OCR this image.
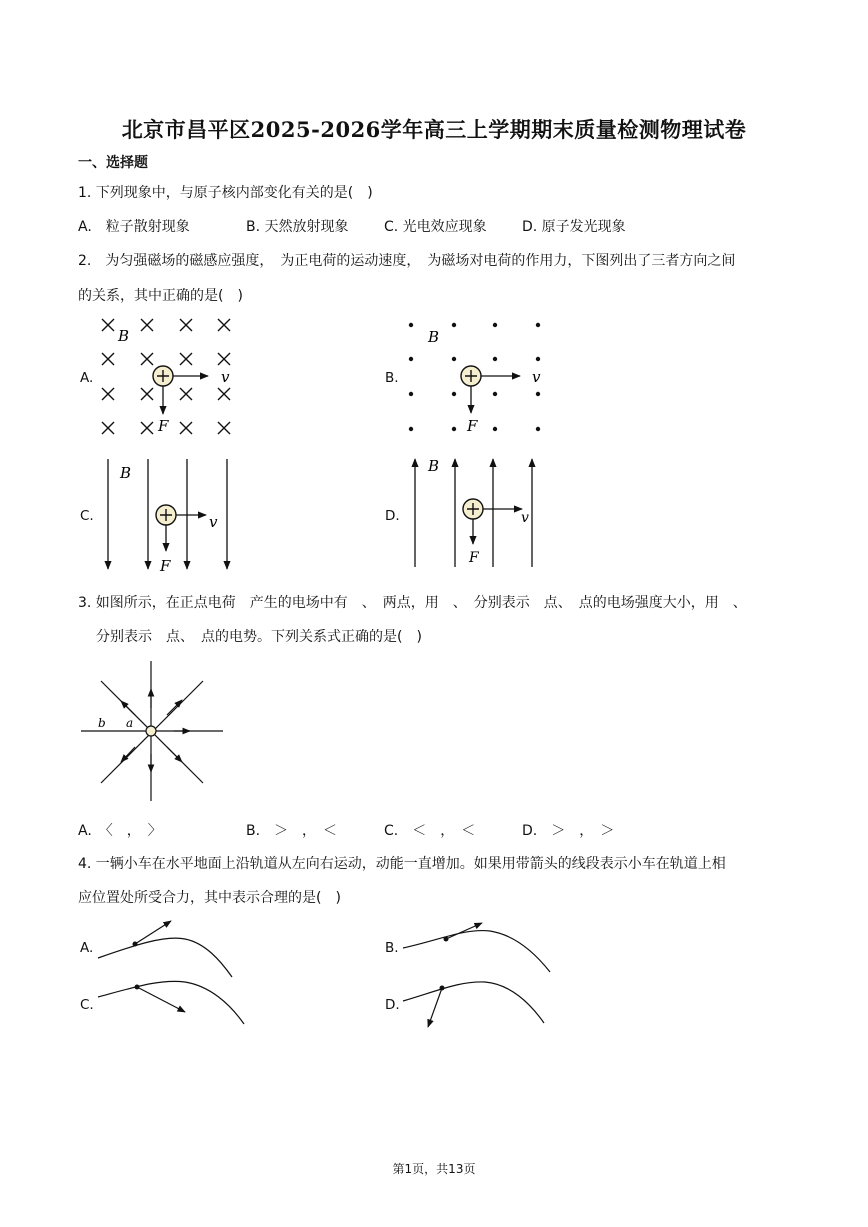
北京市昌平区2025-2026学年高三上学期期末质量检测物理试卷
一、选择题
1. 下列现象中，与原子核内部变化有关的是(　)
A.　粒子散射现象	B. 天然放射现象	C. 光电效应现象	D. 原子发光现象
2.　为匀强磁场的磁感应强度，　为正电荷的运动速度，　为磁场对电荷的作用力，下图列出了三者方向之间
的关系，其中正确的是(　)
A.	B.
C.	D.
B
v
F
B
v
F
B
v
F
B
v
F
3. 如图所示，在正点电荷　产生的电场中有　、　两点，用　、　分别表示　点、　点的电场强度大小，用　、
分别表示　点、　点的电势。下列关系式正确的是(　)
b a
A.　〈　，　〉	B.　＞　，　＜	C.　＜　，　＜	D.　＞　，　＞
4. 一辆小车在水平地面上沿轨道从左向右运动，动能一直增加。如果用带箭头的线段表示小车在轨道上相
应位置处所受合力，其中表示合理的是(　)
A.	B.
C.	D.
第1页，共13页
